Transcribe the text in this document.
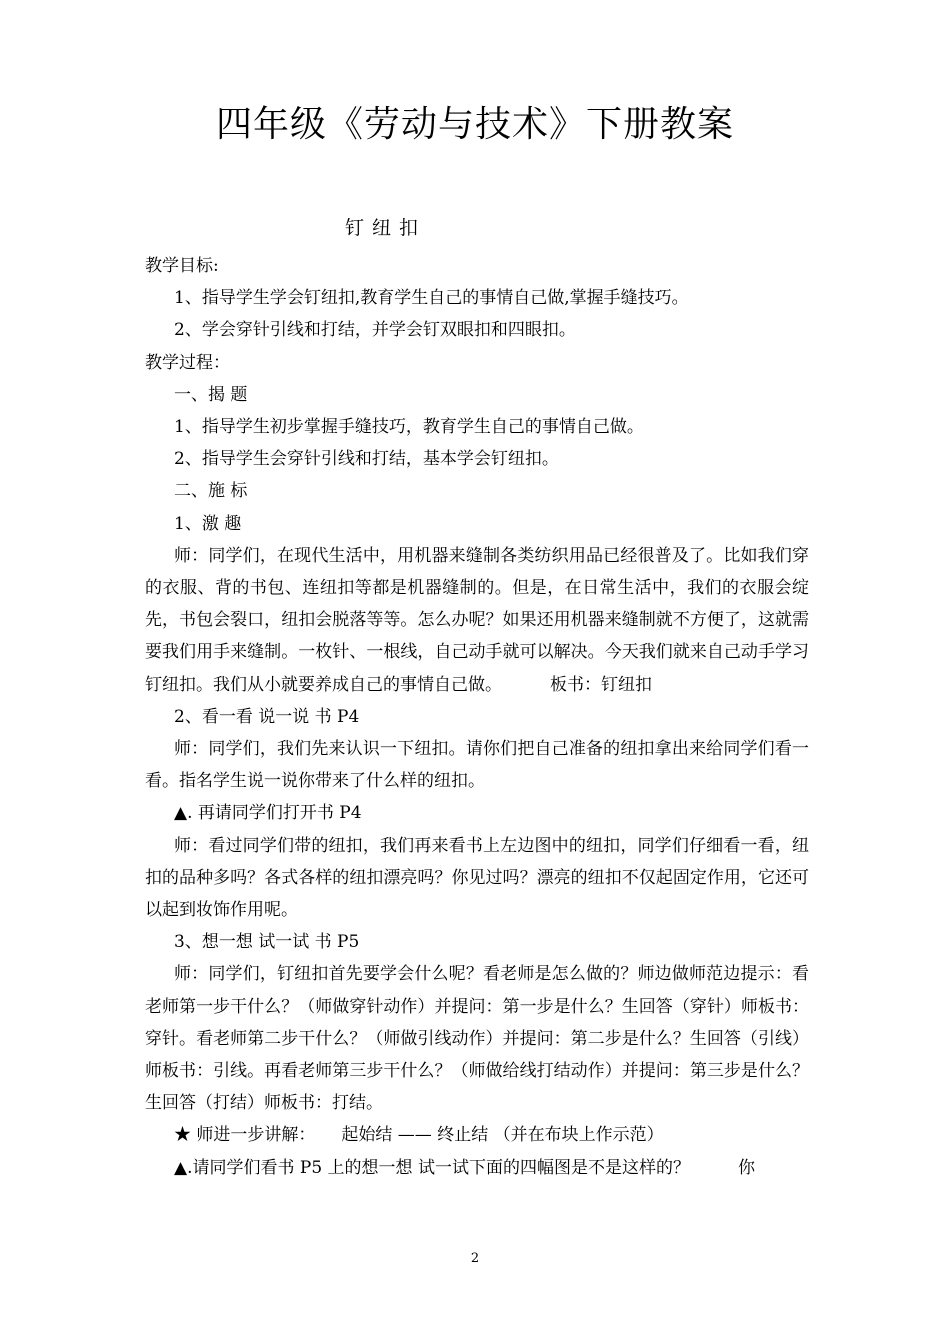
四年级《劳动与技术》下册教案
钉纽扣

教学目标:

1、指导学生学会钉纽扣,教育学生自己的事情自己做,掌握手缝技巧。

2、学会穿针引线和打结，并学会钉双眼扣和四眼扣。

教学过程：

一、揭 题

1、指导学生初步掌握手缝技巧，教育学生自己的事情自己做。

2、指导学生会穿针引线和打结，基本学会钉纽扣。

二、施 标

1、激 趣

师：同学们，在现代生活中，用机器来缝制各类纺织用品已经很普及了。比如我们穿的衣服、背的书包、连纽扣等都是机器缝制的。但是，在日常生活中，我们的衣服会绽先，书包会裂口，纽扣会脱落等等。怎么办呢？如果还用机器来缝制就不方便了，这就需要我们用手来缝制。一枚针、一根线，自己动手就可以解决。今天我们就来自己动手学习钉纽扣。我们从小就要养成自己的事情自己做。	板书：钉纽扣

2、看一看 说一说 书 P4

师：同学们，我们先来认识一下纽扣。请你们把自己准备的纽扣拿出来给同学们看一看。指名学生说一说你带来了什么样的纽扣。

▲. 再请同学们打开书 P4

师：看过同学们带的纽扣，我们再来看书上左边图中的纽扣，同学们仔细看一看，纽扣的品种多吗？各式各样的纽扣漂亮吗？你见过吗？漂亮的纽扣不仅起固定作用，它还可以起到妆饰作用呢。

3、想一想 试一试 书 P5

师：同学们，钉纽扣首先要学会什么呢？看老师是怎么做的？师边做师范边提示：看老师第一步干什么？（师做穿针动作）并提问：第一步是什么？生回答（穿针）师板书：穿针。看老师第二步干什么？（师做引线动作）并提问：第二步是什么？生回答（引线）师板书：引线。再看老师第三步干什么？（师做给线打结动作）并提问：第三步是什么？生回答（打结）师板书：打结。

★ 师进一步讲解： 起始结 —— 终止结 （并在布块上作示范）

▲.请同学们看书 P5 上的想一想 试一试下面的四幅图是不是这样的？	你

2
